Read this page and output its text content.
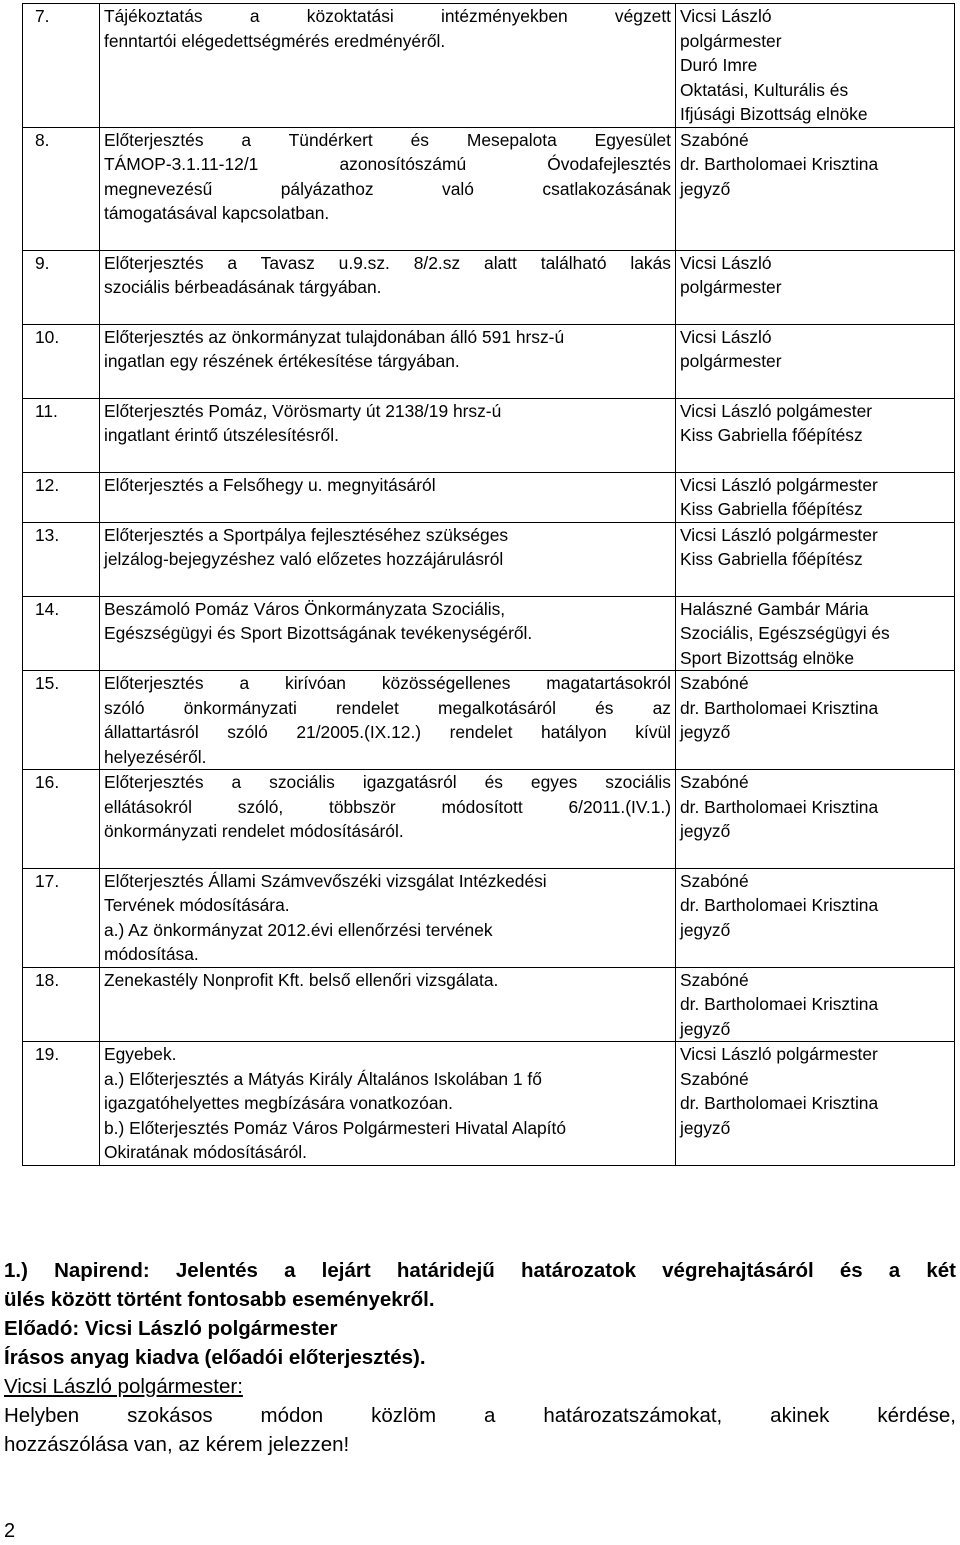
7.	Tájékoztatás a közoktatási intézményekben végzett
fenntartói elégedettségmérés eredményéről.	Vicsi László
polgármester
Duró Imre
Oktatási, Kulturális és
Ifjúsági Bizottság elnöke

8.	Előterjesztés a Tündérkert és Mesepalota Egyesület
TÁMOP-3.1.11-12/1 azonosítószámú Óvodafejlesztés
megnevezésű pályázathoz való csatlakozásának
támogatásával kapcsolatban.	Szabóné
dr. Bartholomaei Krisztina
jegyző

9.	Előterjesztés a Tavasz u.9.sz. 8/2.sz alatt található lakás
szociális bérbeadásának tárgyában.	Vicsi László
polgármester

10.	Előterjesztés az önkormányzat tulajdonában álló 591 hrsz-ú
ingatlan egy részének értékesítése tárgyában.	Vicsi László
polgármester

11.	Előterjesztés Pomáz, Vörösmarty út 2138/19 hrsz-ú
ingatlant érintő útszélesítésről.	Vicsi László polgámester
Kiss Gabriella főépítész

12.	Előterjesztés a Felsőhegy u. megnyitásáról	Vicsi László polgármester
Kiss Gabriella főépítész

13.	Előterjesztés a Sportpálya fejlesztéséhez szükséges
jelzálog-bejegyzéshez való előzetes hozzájárulásról	Vicsi László polgármester
Kiss Gabriella főépítész

14.	Beszámoló Pomáz Város Önkormányzata Szociális,
Egészségügyi és Sport Bizottságának tevékenységéről.	Halászné Gambár Mária
Szociális, Egészségügyi és
Sport Bizottság elnöke

15.	Előterjesztés a kirívóan közösségellenes magatartásokról
szóló önkormányzati rendelet megalkotásáról és az
állattartásról szóló 21/2005.(IX.12.) rendelet hatályon kívül
helyezéséről.	Szabóné
dr. Bartholomaei Krisztina
jegyző

16.	Előterjesztés a szociális igazgatásról és egyes szociális
ellátásokról szóló, többször módosított 6/2011.(IV.1.)
önkormányzati rendelet módosításáról.	Szabóné
dr. Bartholomaei Krisztina
jegyző

17.	Előterjesztés Állami Számvevőszéki vizsgálat Intézkedési
Tervének módosítására.
a.) Az önkormányzat 2012.évi ellenőrzési tervének
módosítása.	Szabóné
dr. Bartholomaei Krisztina
jegyző

18.	Zenekastély Nonprofit Kft. belső ellenőri vizsgálata.	Szabóné
dr. Bartholomaei Krisztina
jegyző

19.	Egyebek.
a.) Előterjesztés a Mátyás Király Általános Iskolában 1 fő
igazgatóhelyettes megbízására vonatkozóan.
b.) Előterjesztés Pomáz Város Polgármesteri Hivatal Alapító
Okiratának módosításáról.	Vicsi László polgármester
Szabóné
dr. Bartholomaei Krisztina
jegyző
1.) Napirend: Jelentés a lejárt határidejű határozatok végrehajtásáról és a két
ülés között történt fontosabb eseményekről.
Előadó: Vicsi László polgármester
Írásos anyag kiadva (előadói előterjesztés).
Vicsi László polgármester:
Helyben szokásos módon közlöm a határozatszámokat, akinek kérdése,
hozzászólása van, az kérem jelezzen!
2
